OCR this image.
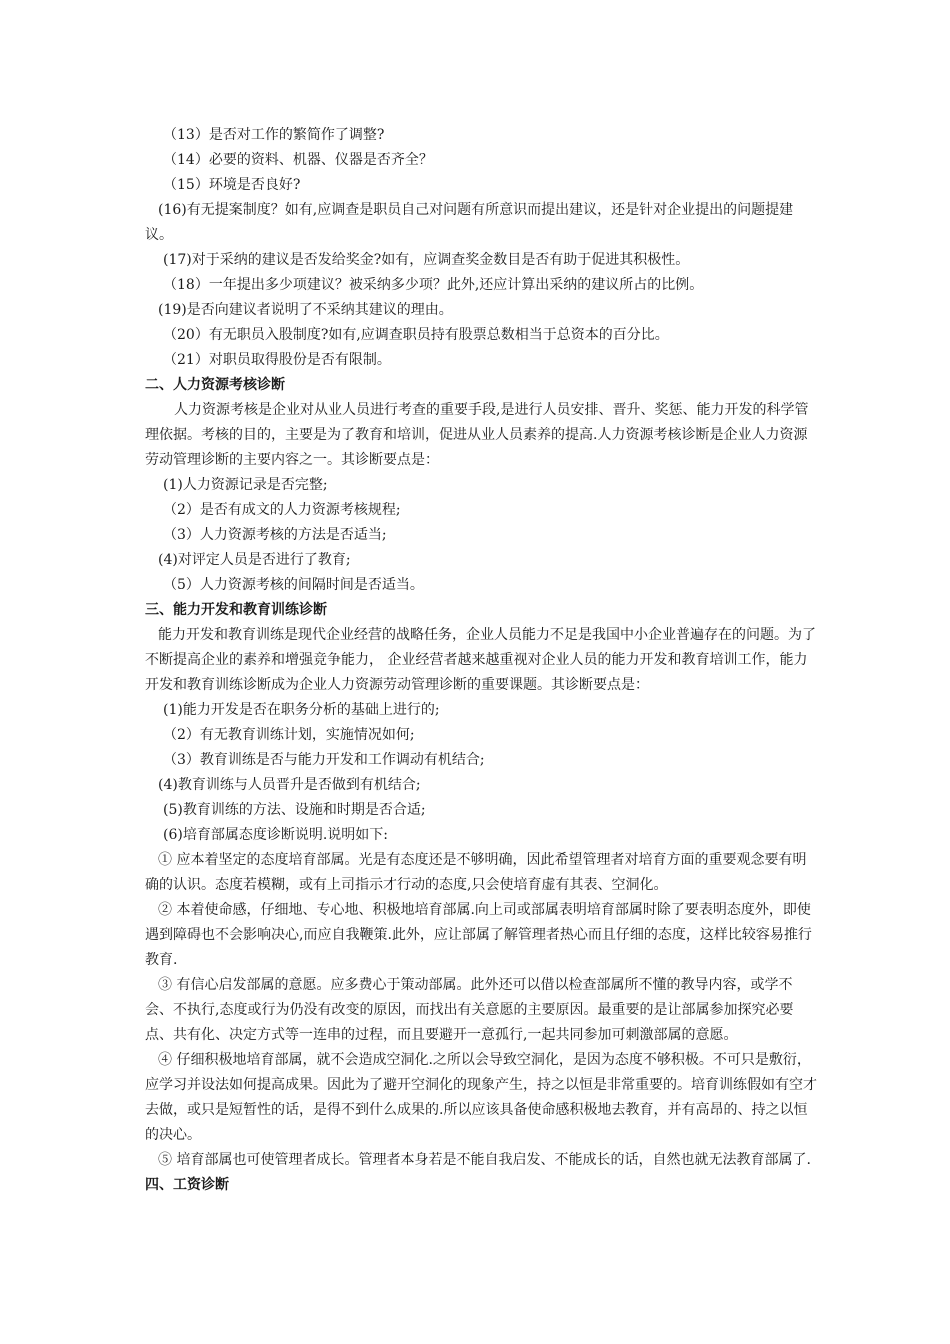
（13）是否对工作的繁简作了调整?

（14）必要的资料、机器、仪器是否齐全？

（15）环境是否良好?

(16)有无提案制度？如有,应调查是职员自己对问题有所意识而提出建议，还是针对企业提出的问题提建议。

(17)对于采纳的建议是否发给奖金?如有，应调查奖金数目是否有助于促进其积极性。

（18）一年提出多少项建议？被采纳多少项？此外,还应计算出采纳的建议所占的比例。

(19)是否向建议者说明了不采纳其建议的理由。

（20）有无职员入股制度?如有,应调查职员持有股票总数相当于总资本的百分比。

（21）对职员取得股份是否有限制。

二、人力资源考核诊断

人力资源考核是企业对从业人员进行考查的重要手段,是进行人员安排、晋升、奖惩、能力开发的科学管理依据。考核的目的，主要是为了教育和培训，促进从业人员素养的提高.人力资源考核诊断是企业人力资源劳动管理诊断的主要内容之一。其诊断要点是：

(1)人力资源记录是否完整;

（2）是否有成文的人力资源考核规程;

（3）人力资源考核的方法是否适当;

(4)对评定人员是否进行了教育;

（5）人力资源考核的间隔时间是否适当。

三、能力开发和教育训练诊断

能力开发和教育训练是现代企业经营的战略任务，企业人员能力不足是我国中小企业普遍存在的问题。为了不断提高企业的素养和增强竞争能力， 企业经营者越来越重视对企业人员的能力开发和教育培训工作，能力开发和教育训练诊断成为企业人力资源劳动管理诊断的重要课题。其诊断要点是：

(1)能力开发是否在职务分析的基础上进行的;

（2）有无教育训练计划，实施情况如何;

（3）教育训练是否与能力开发和工作调动有机结合;

(4)教育训练与人员晋升是否做到有机结合;

(5)教育训练的方法、设施和时期是否合适;

(6)培育部属态度诊断说明.说明如下:

① 应本着坚定的态度培育部属。光是有态度还是不够明确，因此希望管理者对培育方面的重要观念要有明确的认识。态度若模糊，或有上司指示才行动的态度,只会使培育虚有其表、空洞化。

② 本着使命感，仔细地、专心地、积极地培育部属.向上司或部属表明培育部属时除了要表明态度外，即使遇到障碍也不会影响决心,而应自我鞭策.此外，应让部属了解管理者热心而且仔细的态度，这样比较容易推行教育.

③ 有信心启发部属的意愿。应多费心于策动部属。此外还可以借以检查部属所不懂的教导内容，或学不会、不执行,态度或行为仍没有改变的原因，而找出有关意愿的主要原因。最重要的是让部属参加探究必要点、共有化、决定方式等一连串的过程，而且要避开一意孤行,一起共同参加可刺激部属的意愿。

④ 仔细积极地培育部属，就不会造成空洞化.之所以会导致空洞化，是因为态度不够积极。不可只是敷衍，应学习并设法如何提高成果。因此为了避开空洞化的现象产生，持之以恒是非常重要的。培育训练假如有空才去做，或只是短暂性的话，是得不到什么成果的.所以应该具备使命感积极地去教育，并有高昂的、持之以恒的决心。

⑤ 培育部属也可使管理者成长。管理者本身若是不能自我启发、不能成长的话，自然也就无法教育部属了.

四、工资诊断
